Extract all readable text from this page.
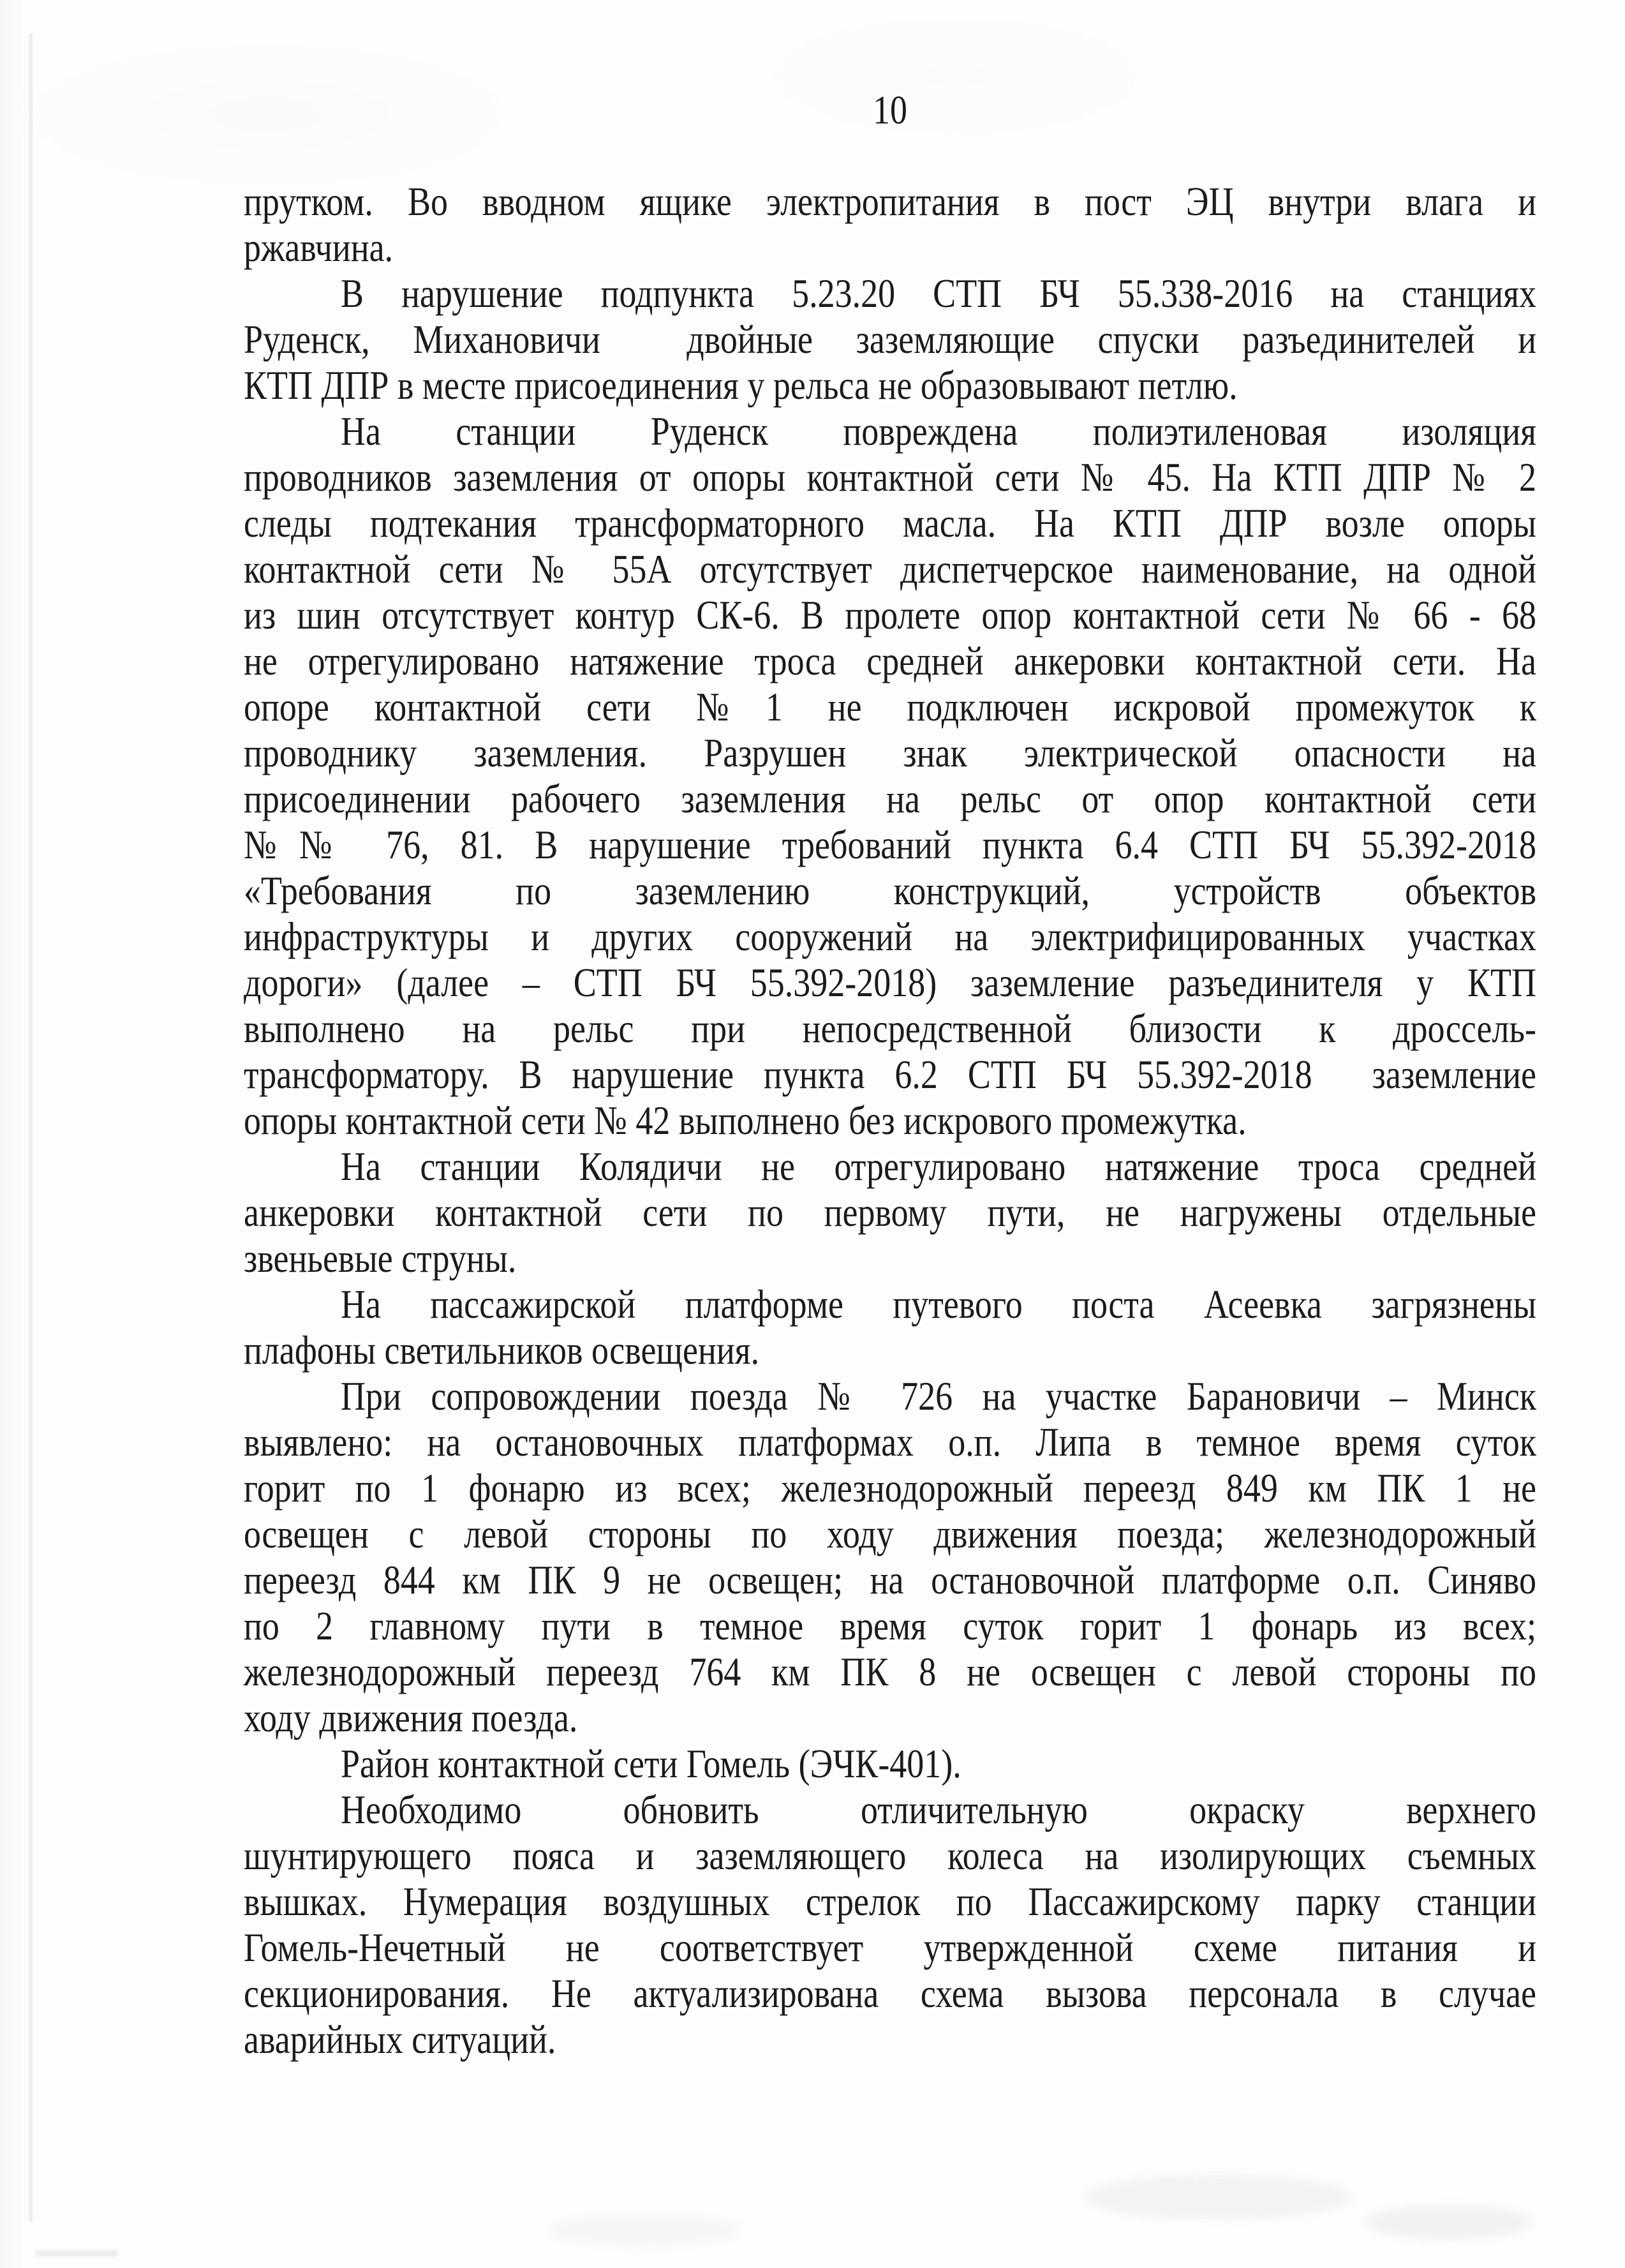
10
прутком. Во вводном ящике электропитания в пост ЭЦ внутри влага и
ржавчина.
В нарушение подпункта 5.23.20 СТП БЧ 55.338-2016 на станциях
Руденск, Михановичи  двойные заземляющие спуски разъединителей и
КТП ДПР в месте присоединения у рельса не образовывают петлю.
На станции Руденск повреждена полиэтиленовая изоляция
проводников заземления от опоры контактной сети № 45. На КТП ДПР № 2
следы подтекания трансформаторного масла. На КТП ДПР возле опоры
контактной сети № 55А отсутствует диспетчерское наименование, на одной
из шин отсутствует контур СК-6. В пролете опор контактной сети № 66 - 68
не отрегулировано натяжение троса средней анкеровки контактной сети. На
опоре контактной сети №1 не подключен искровой промежуток к
проводнику заземления. Разрушен знак электрической опасности на
присоединении рабочего заземления на рельс от опор контактной сети
№№ 76, 81. В нарушение требований пункта 6.4 СТП БЧ 55.392-2018
«Требования по заземлению конструкций, устройств объектов
инфраструктуры и других сооружений на электрифицированных участках
дороги» (далее – СТП БЧ 55.392-2018) заземление разъединителя у КТП
выполнено на рельс при непосредственной близости к дроссель-
трансформатору. В нарушение пункта 6.2 СТП БЧ 55.392-2018  заземление
опоры контактной сети № 42 выполнено без искрового промежутка.
На станции Колядичи не отрегулировано натяжение троса средней
анкеровки контактной сети по первому пути, не нагружены отдельные
звеньевые струны.
На пассажирской платформе путевого поста Асеевка загрязнены
плафоны светильников освещения.
При сопровождении поезда № 726 на участке Барановичи – Минск
выявлено: на остановочных платформах о.п. Липа в темное время суток
горит по 1 фонарю из всех; железнодорожный переезд 849 км ПК 1 не
освещен с левой стороны по ходу движения поезда; железнодорожный
переезд 844 км ПК 9 не освещен; на остановочной платформе о.п. Синяво
по 2 главному пути в темное время суток горит 1 фонарь из всех;
железнодорожный переезд 764 км ПК 8 не освещен с левой стороны по
ходу движения поезда.
Район контактной сети Гомель (ЭЧК-401).
Необходимо обновить отличительную окраску верхнего
шунтирующего пояса и заземляющего колеса на изолирующих съемных
вышках. Нумерация воздушных стрелок по Пассажирскому парку станции
Гомель-Нечетный не соответствует утвержденной схеме питания и
секционирования. Не актуализирована схема вызова персонала в случае
аварийных ситуаций.
